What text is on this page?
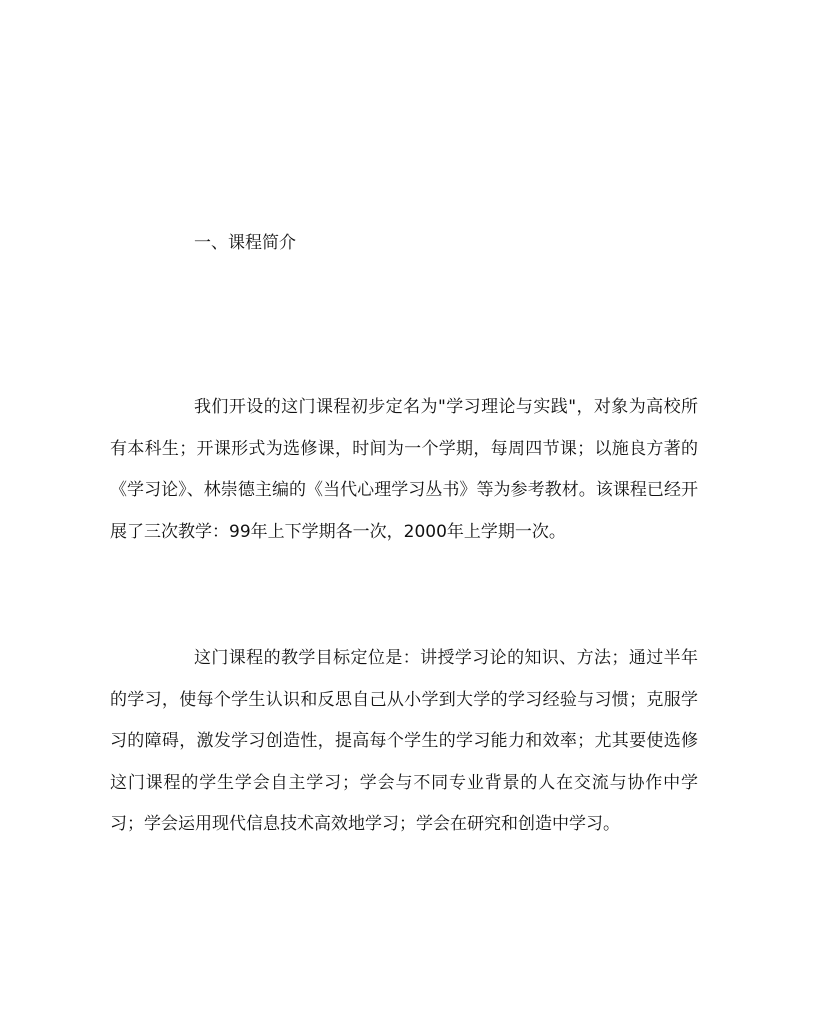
一、课程简介

我们开设的这门课程初步定名为"学习理论与实践"，对象为高校所有本科生；开课形式为选修课，时间为一个学期，每周四节课；以施良方著的《学习论》、林崇德主编的《当代心理学习丛书》等为参考教材。该课程已经开展了三次教学：99年上下学期各一次，2000年上学期一次。

这门课程的教学目标定位是：讲授学习论的知识、方法；通过半年的学习，使每个学生认识和反思自己从小学到大学的学习经验与习惯；克服学习的障碍，激发学习创造性，提高每个学生的学习能力和效率；尤其要使选修这门课程的学生学会自主学习；学会与不同专业背景的人在交流与协作中学习；学会运用现代信息技术高效地学习；学会在研究和创造中学习。
